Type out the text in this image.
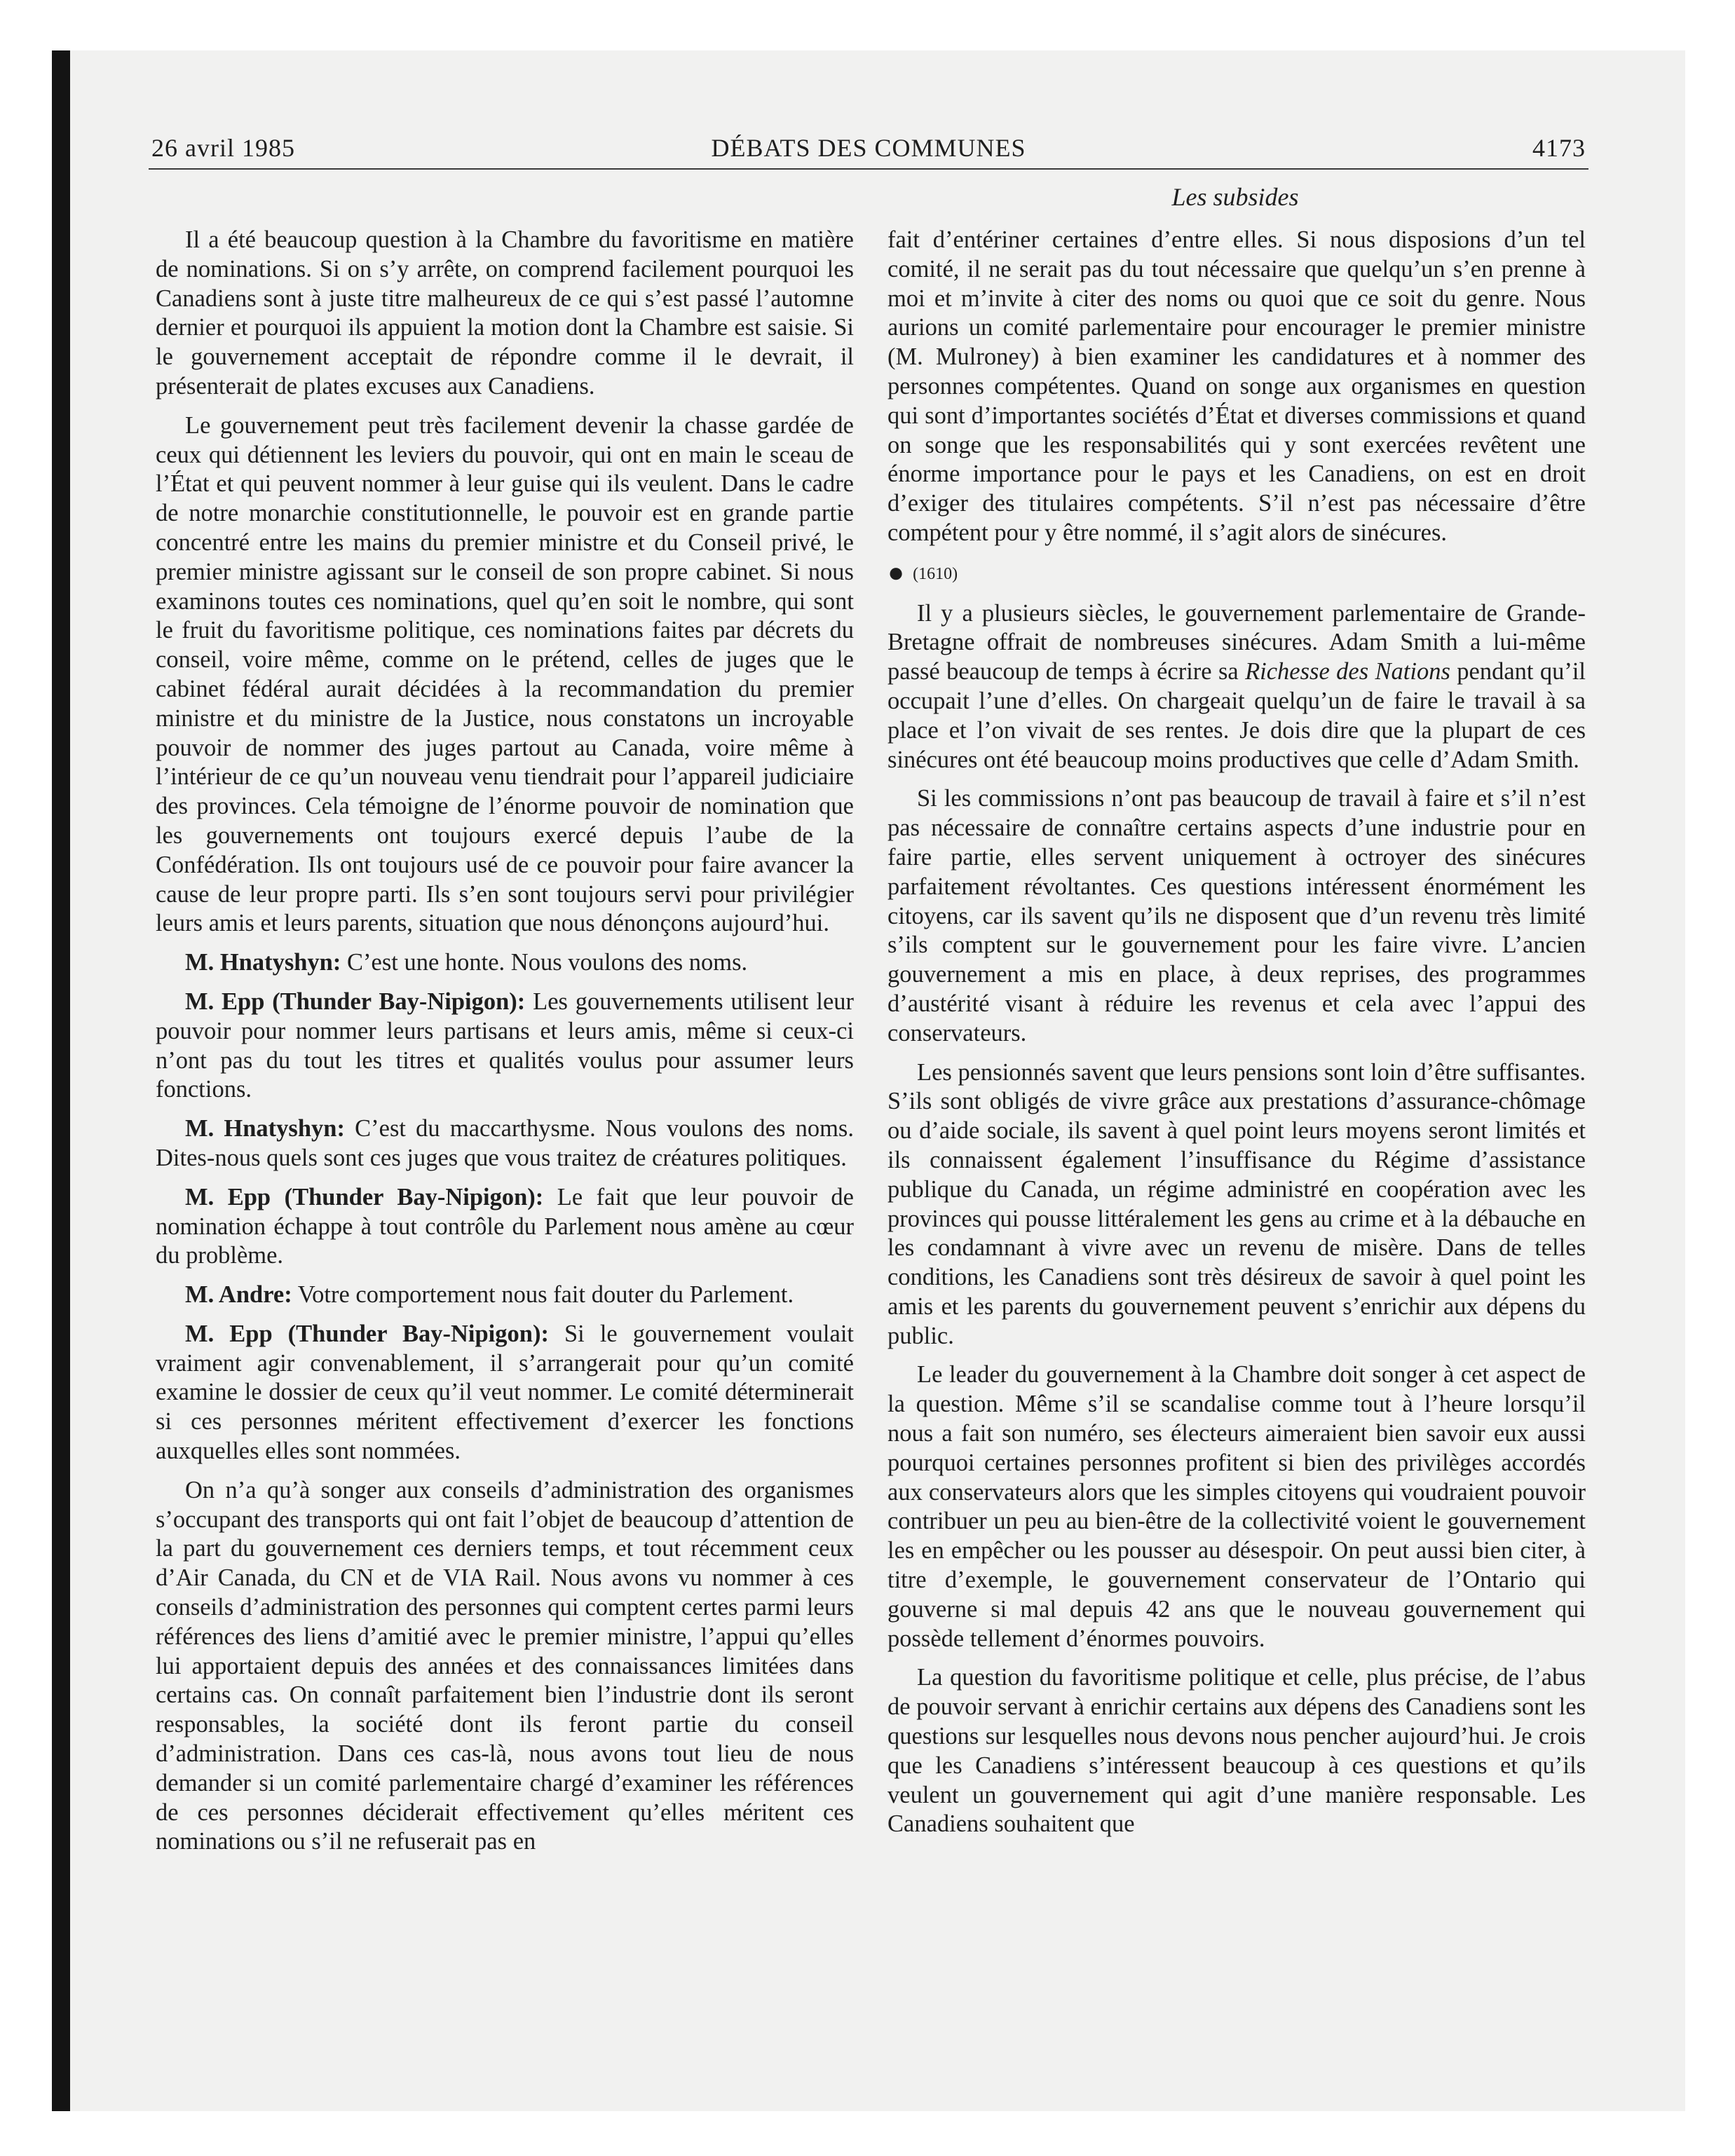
26 avril 1985	DÉBATS DES COMMUNES	4173
Les subsides

Il a été beaucoup question à la Chambre du favoritisme en matière de nominations. Si on s’y arrête, on comprend facilement pourquoi les Canadiens sont à juste titre malheureux de ce qui s’est passé l’automne dernier et pourquoi ils appuient la motion dont la Chambre est saisie. Si le gouvernement acceptait de répondre comme il le devrait, il présenterait de plates excuses aux Canadiens.

Le gouvernement peut très facilement devenir la chasse gardée de ceux qui détiennent les leviers du pouvoir, qui ont en main le sceau de l’État et qui peuvent nommer à leur guise qui ils veulent. Dans le cadre de notre monarchie constitutionnelle, le pouvoir est en grande partie concentré entre les mains du premier ministre et du Conseil privé, le premier ministre agissant sur le conseil de son propre cabinet. Si nous examinons toutes ces nominations, quel qu’en soit le nombre, qui sont le fruit du favoritisme politique, ces nominations faites par décrets du conseil, voire même, comme on le prétend, celles de juges que le cabinet fédéral aurait décidées à la recommandation du premier ministre et du ministre de la Justice, nous constatons un incroyable pouvoir de nommer des juges partout au Canada, voire même à l’intérieur de ce qu’un nouveau venu tiendrait pour l’appareil judiciaire des provinces. Cela témoigne de l’énorme pouvoir de nomination que les gouvernements ont toujours exercé depuis l’aube de la Confédération. Ils ont toujours usé de ce pouvoir pour faire avancer la cause de leur propre parti. Ils s’en sont toujours servi pour privilégier leurs amis et leurs parents, situation que nous dénonçons aujourd’hui.

M. Hnatyshyn: C’est une honte. Nous voulons des noms.

M. Epp (Thunder Bay-Nipigon): Les gouvernements utilisent leur pouvoir pour nommer leurs partisans et leurs amis, même si ceux-ci n’ont pas du tout les titres et qualités voulus pour assumer leurs fonctions.

M. Hnatyshyn: C’est du maccarthysme. Nous voulons des noms. Dites-nous quels sont ces juges que vous traitez de créatures politiques.

M. Epp (Thunder Bay-Nipigon): Le fait que leur pouvoir de nomination échappe à tout contrôle du Parlement nous amène au cœur du problème.

M. Andre: Votre comportement nous fait douter du Parlement.

M. Epp (Thunder Bay-Nipigon): Si le gouvernement voulait vraiment agir convenablement, il s’arrangerait pour qu’un comité examine le dossier de ceux qu’il veut nommer. Le comité déterminerait si ces personnes méritent effectivement d’exercer les fonctions auxquelles elles sont nommées.

On n’a qu’à songer aux conseils d’administration des organismes s’occupant des transports qui ont fait l’objet de beaucoup d’attention de la part du gouvernement ces derniers temps, et tout récemment ceux d’Air Canada, du CN et de VIA Rail. Nous avons vu nommer à ces conseils d’administration des personnes qui comptent certes parmi leurs références des liens d’amitié avec le premier ministre, l’appui qu’elles lui apportaient depuis des années et des connaissances limitées dans certains cas. On connaît parfaitement bien l’industrie dont ils seront responsables, la société dont ils feront partie du conseil d’administration. Dans ces cas-là, nous avons tout lieu de nous demander si un comité parlementaire chargé d’examiner les références de ces personnes déciderait effectivement qu’elles méritent ces nominations ou s’il ne refuserait pas en

fait d’entériner certaines d’entre elles. Si nous disposions d’un tel comité, il ne serait pas du tout nécessaire que quelqu’un s’en prenne à moi et m’invite à citer des noms ou quoi que ce soit du genre. Nous aurions un comité parlementaire pour encourager le premier ministre (M. Mulroney) à bien examiner les candidatures et à nommer des personnes compétentes. Quand on songe aux organismes en question qui sont d’importantes sociétés d’État et diverses commissions et quand on songe que les responsabilités qui y sont exercées revêtent une énorme importance pour le pays et les Canadiens, on est en droit d’exiger des titulaires compétents. S’il n’est pas nécessaire d’être compétent pour y être nommé, il s’agit alors de sinécures.

● (1610)

Il y a plusieurs siècles, le gouvernement parlementaire de Grande-Bretagne offrait de nombreuses sinécures. Adam Smith a lui-même passé beaucoup de temps à écrire sa Richesse des Nations pendant qu’il occupait l’une d’elles. On chargeait quelqu’un de faire le travail à sa place et l’on vivait de ses rentes. Je dois dire que la plupart de ces sinécures ont été beaucoup moins productives que celle d’Adam Smith.

Si les commissions n’ont pas beaucoup de travail à faire et s’il n’est pas nécessaire de connaître certains aspects d’une industrie pour en faire partie, elles servent uniquement à octroyer des sinécures parfaitement révoltantes. Ces questions intéressent énormément les citoyens, car ils savent qu’ils ne disposent que d’un revenu très limité s’ils comptent sur le gouvernement pour les faire vivre. L’ancien gouvernement a mis en place, à deux reprises, des programmes d’austérité visant à réduire les revenus et cela avec l’appui des conservateurs.

Les pensionnés savent que leurs pensions sont loin d’être suffisantes. S’ils sont obligés de vivre grâce aux prestations d’assurance-chômage ou d’aide sociale, ils savent à quel point leurs moyens seront limités et ils connaissent également l’insuffisance du Régime d’assistance publique du Canada, un régime administré en coopération avec les provinces qui pousse littéralement les gens au crime et à la débauche en les condamnant à vivre avec un revenu de misère. Dans de telles conditions, les Canadiens sont très désireux de savoir à quel point les amis et les parents du gouvernement peuvent s’enrichir aux dépens du public.

Le leader du gouvernement à la Chambre doit songer à cet aspect de la question. Même s’il se scandalise comme tout à l’heure lorsqu’il nous a fait son numéro, ses électeurs aimeraient bien savoir eux aussi pourquoi certaines personnes profitent si bien des privilèges accordés aux conservateurs alors que les simples citoyens qui voudraient pouvoir contribuer un peu au bien-être de la collectivité voient le gouvernement les en empêcher ou les pousser au désespoir. On peut aussi bien citer, à titre d’exemple, le gouvernement conservateur de l’Ontario qui gouverne si mal depuis 42 ans que le nouveau gouvernement qui possède tellement d’énormes pouvoirs.

La question du favoritisme politique et celle, plus précise, de l’abus de pouvoir servant à enrichir certains aux dépens des Canadiens sont les questions sur lesquelles nous devons nous pencher aujourd’hui. Je crois que les Canadiens s’intéressent beaucoup à ces questions et qu’ils veulent un gouvernement qui agit d’une manière responsable. Les Canadiens souhaitent que
